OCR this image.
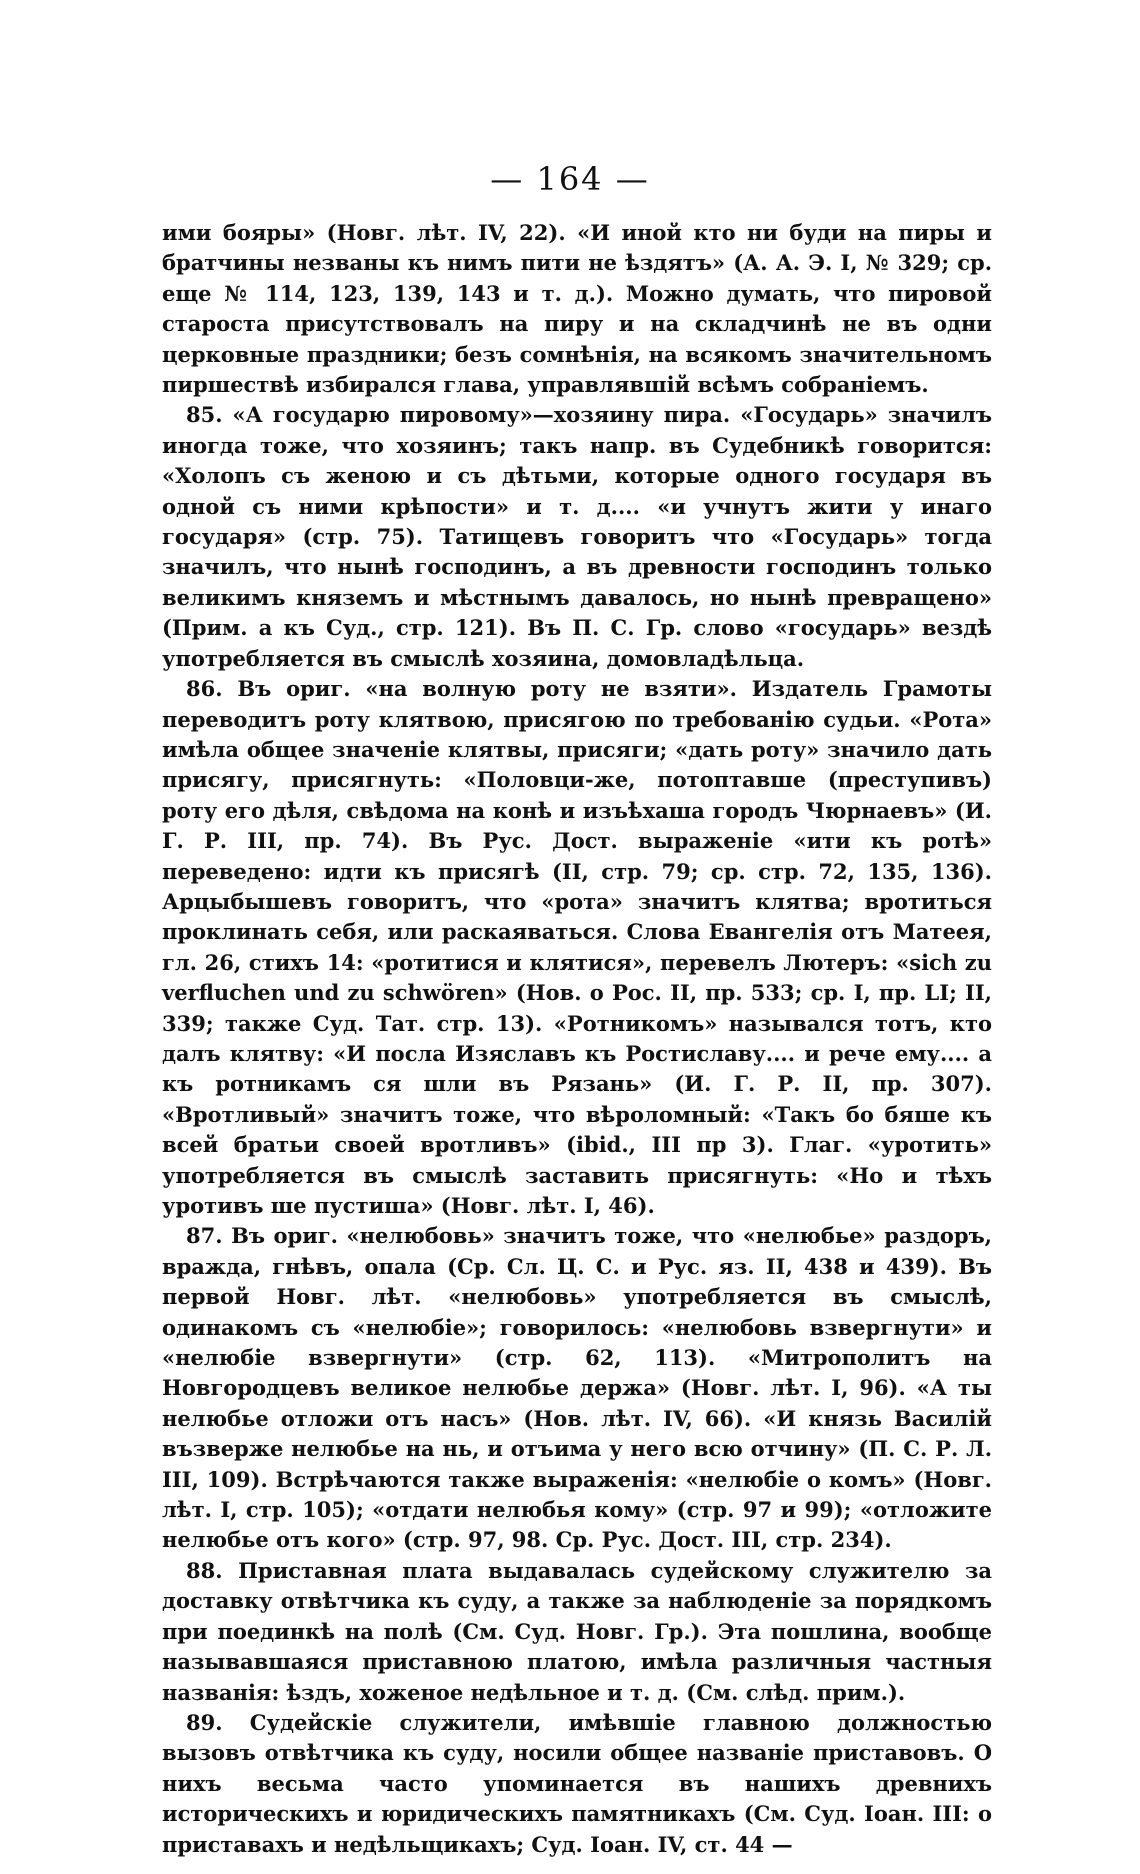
— 164 —

ими бояры» (Новг. лѣт. IV, 22). «И иной кто ни буди на пиры и братчины незваны къ нимъ пити не ѣздятъ» (А. А. Э. I, № 329; ср. еще № 114, 123, 139, 143 и т. д.). Можно думать, что пировой староста присутствовалъ на пиру и на складчинѣ не въ одни церковные праздники; безъ сомнѣнія, на всякомъ значительномъ пиршествѣ избирался глава, управлявшій всѣмъ собраніемъ.

85. «А государю пировому»—хозяину пира. «Государь» значилъ иногда тоже, что хозяинъ; такъ напр. въ Судебникѣ говорится: «Холопъ съ женою и съ дѣтьми, которые одного государя въ одной съ ними крѣпости» и т. д.... «и учнутъ жити у инаго государя» (стр. 75). Татищевъ говоритъ что «Государь» тогда значилъ, что нынѣ господинъ, а въ древности господинъ только великимъ княземъ и мѣстнымъ давалось, но нынѣ превращено» (Прим. а къ Суд., стр. 121). Въ П. С. Гр. слово «государь» вездѣ употребляется въ смыслѣ хозяина, домовладѣльца.

86. Въ ориг. «на волную роту не взяти». Издатель Грамоты переводитъ роту клятвою, присягою по требованію судьи. «Рота» имѣла общее значеніе клятвы, присяги; «дать роту» значило дать присягу, присягнуть: «Половци-же, потоптавше (преступивъ) роту его дѣля, свѣдома на конѣ и изъѣхаша городъ Чюрнаевъ» (И. Г. Р. III, пр. 74). Въ Рус. Дост. выраженіе «ити къ ротѣ» переведено: идти къ присягѣ (II, стр. 79; ср. стр. 72, 135, 136). Арцыбышевъ говоритъ, что «рота» значитъ клятва; вротиться проклинать себя, или раскаяваться. Слова Евангелія отъ Матеея, гл. 26, стихъ 14: «ротитися и клятися», перевелъ Лютеръ: «sich zu verfluchen und zu schwören» (Нов. о Рос. II, пр. 533; ср. I, пр. LI; II, 339; также Суд. Тат. стр. 13). «Ротникомъ» назывался тотъ, кто далъ клятву: «И посла Изяславъ къ Ростиславу.... и рече ему.... а къ ротникамъ ся шли въ Рязань» (И. Г. Р. II, пр. 307). «Вротливый» значитъ тоже, что вѣроломный: «Такъ бо бяше къ всей братьи своей вротливъ» (ibid., III пр 3). Глаг. «уротить» употребляется въ смыслѣ заставить присягнуть: «Но и тѣхъ уротивъ ше пустиша» (Новг. лѣт. I, 46).

87. Въ ориг. «нелюбовь» значитъ тоже, что «нелюбье» раздоръ, вражда, гнѣвъ, опала (Ср. Сл. Ц. С. и Рус. яз. II, 438 и 439). Въ первой Новг. лѣт. «нелюбовь» употребляется въ смыслѣ, одинакомъ съ «нелюбіе»; говорилось: «нелюбовь взвергнути» и «нелюбіе взвергнути» (стр. 62, 113). «Митрополитъ на Новгородцевъ великое нелюбье держа» (Новг. лѣт. I, 96). «А ты нелюбье отложи отъ насъ» (Нов. лѣт. IV, 66). «И князь Василій възверже нелюбье на нь, и отъима у него всю отчину» (П. С. Р. Л. III, 109). Встрѣчаются также выраженія: «нелюбіе о комъ» (Новг. лѣт. I, стр. 105); «отдати нелюбья кому» (стр. 97 и 99); «отложите нелюбье отъ кого» (стр. 97, 98. Ср. Рус. Дост. III, стр. 234).

88. Приставная плата выдавалась судейскому служителю за доставку отвѣтчика къ суду, а также за наблюденіе за порядкомъ при поединкѣ на полѣ (См. Суд. Новг. Гр.). Эта пошлина, вообще называвшаяся приставною платою, имѣла различныя частныя названія: ѣздъ, хоженое недѣльное и т. д. (См. слѣд. прим.).

89. Судейскіе служители, имѣвшіе главною должностью вызовъ отвѣтчика къ суду, носили общее названіе приставовъ. О нихъ весьма часто упоминается въ нашихъ древнихъ историческихъ и юридическихъ памятникахъ (См. Суд. Іоан. III: о приставахъ и недѣльщикахъ; Суд. Іоан. IV, ст. 44 —
